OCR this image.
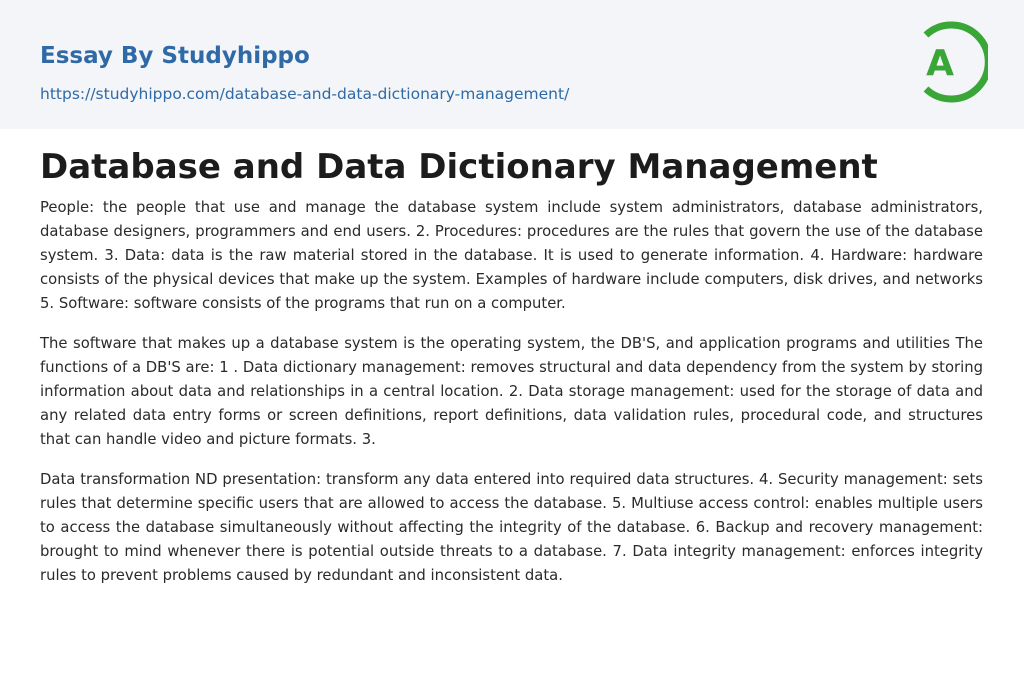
Essay By Studyhippo
https://studyhippo.com/database-and-data-dictionary-management/
A
Database and Data Dictionary Management

People: the people that use and manage the database system include system administrators, database administrators, database designers, programmers and end users. 2. Procedures: procedures are the rules that govern the use of the database system. 3. Data: data is the raw material stored in the database. It is used to generate information. 4. Hardware: hardware consists of the physical devices that make up the system. Examples of hardware include computers, disk drives, and networks 5. Software: software consists of the programs that run on a computer.

The software that makes up a database system is the operating system, the DB'S, and application programs and utilities The functions of a DB'S are: 1 . Data dictionary management: removes structural and data dependency from the system by storing information about data and relationships in a central location. 2. Data storage management: used for the storage of data and any related data entry forms or screen definitions, report definitions, data validation rules, procedural code, and structures that can handle video and picture formats. 3.

Data transformation ND presentation: transform any data entered into required data structures. 4. Security management: sets rules that determine specific users that are allowed to access the database. 5. Multiuse access control: enables multiple users to access the database simultaneously without affecting the integrity of the database. 6. Backup and recovery management: brought to mind whenever there is potential outside threats to a database. 7. Data integrity management: enforces integrity rules to prevent problems caused by redundant and inconsistent data.
